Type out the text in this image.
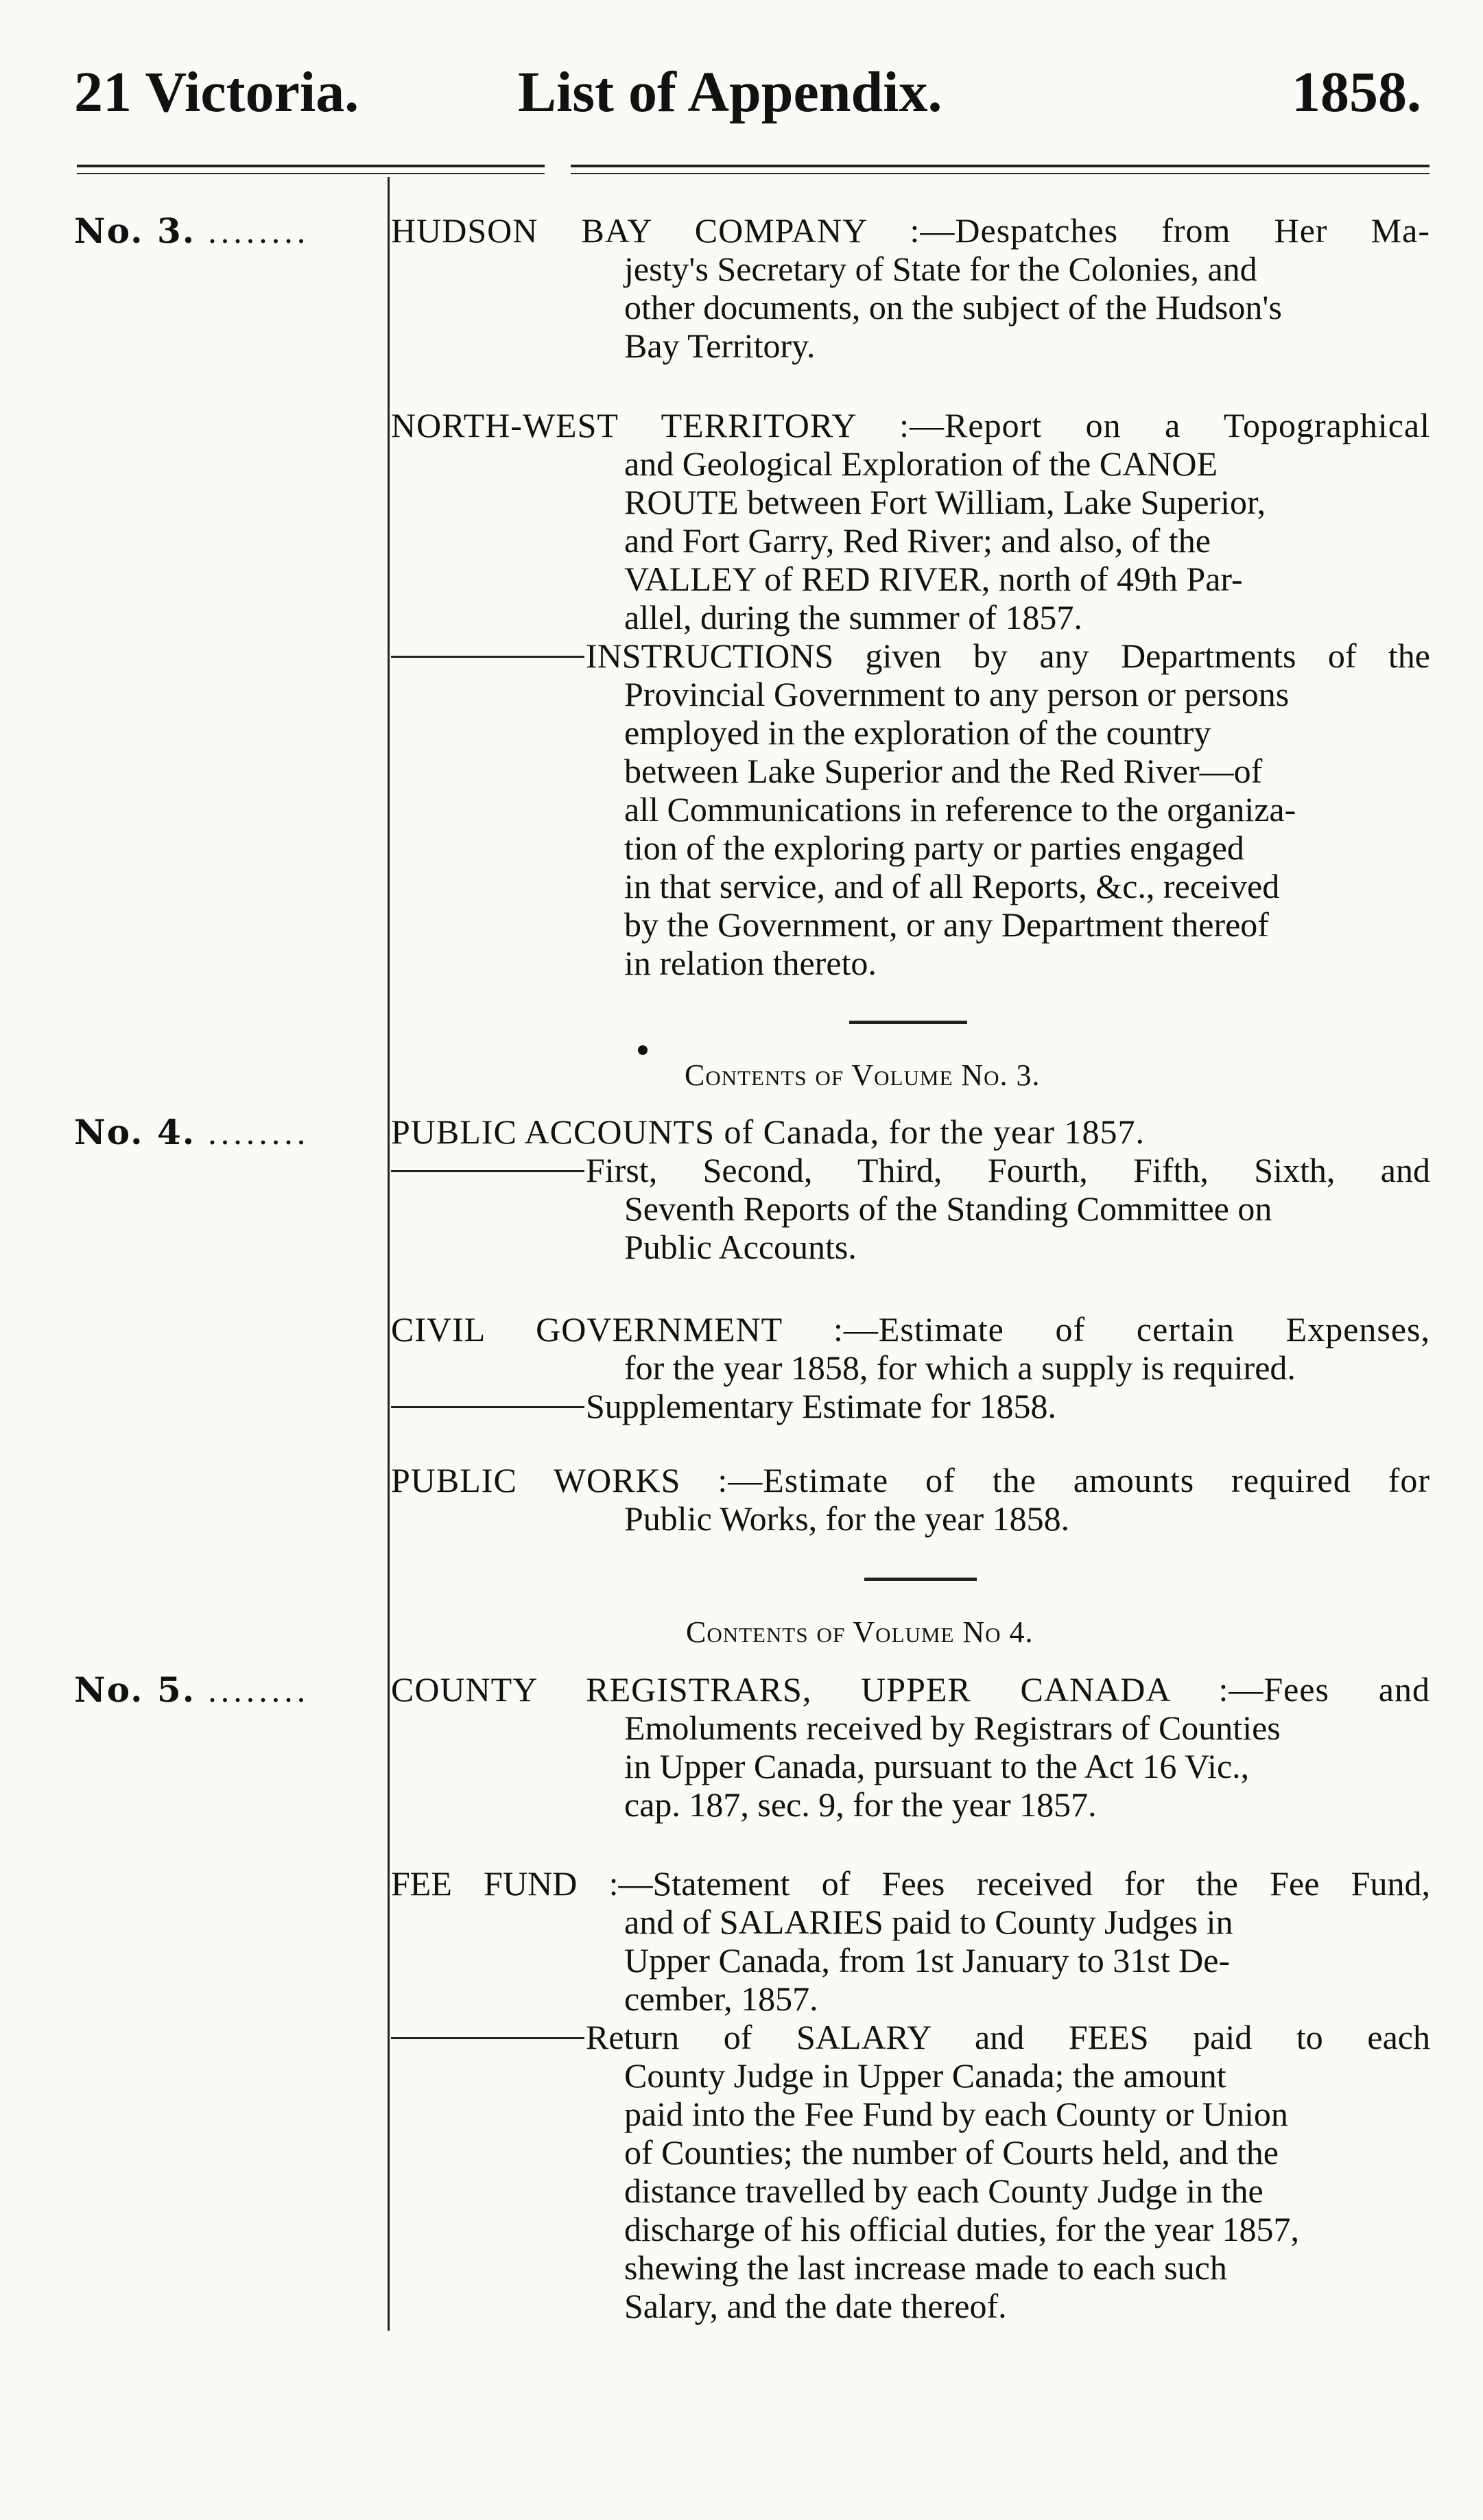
21 Victoria.	List of Appendix.	1858.
No. 3. ........
No. 4. ........
No. 5. ........

HUDSON BAY COMPANY :—Despatches from Her Ma-

jesty's Secretary of State for the Colonies, and

other documents, on the subject of the Hudson's

Bay Territory.

NORTH-WEST TERRITORY :—Report on a Topographical

and Geological Exploration of the CANOE

ROUTE between Fort William, Lake Superior,

and Fort Garry, Red River; and also, of the

VALLEY of RED RIVER, north of 49th Par-

allel, during the summer of 1857.

INSTRUCTIONS given by any Departments of the

Provincial Government to any person or persons

employed in the exploration of the country

between Lake Superior and the Red River—of

all Communications in reference to the organiza-

tion of the exploring party or parties engaged

in that service, and of all Reports, &c., received

by the Government, or any Department thereof

in relation thereto.

Contents of Volume No. 3.

PUBLIC ACCOUNTS of Canada, for the year 1857.

First, Second, Third, Fourth, Fifth, Sixth, and

Seventh Reports of the Standing Committee on

Public Accounts.

CIVIL GOVERNMENT :—Estimate of certain Expenses,

for the year 1858, for which a supply is required.

Supplementary Estimate for 1858.

PUBLIC WORKS :—Estimate of the amounts required for

Public Works, for the year 1858.

Contents of Volume No 4.

COUNTY REGISTRARS, UPPER CANADA :—Fees and

Emoluments received by Registrars of Counties

in Upper Canada, pursuant to the Act 16 Vic.,

cap. 187, sec. 9, for the year 1857.

FEE FUND :—Statement of Fees received for the Fee Fund,

and of SALARIES paid to County Judges in

Upper Canada, from 1st January to 31st De-

cember, 1857.

Return of SALARY and FEES paid to each

County Judge in Upper Canada; the amount

paid into the Fee Fund by each County or Union

of Counties; the number of Courts held, and the

distance travelled by each County Judge in the

discharge of his official duties, for the year 1857,

shewing the last increase made to each such

Salary, and the date thereof.
